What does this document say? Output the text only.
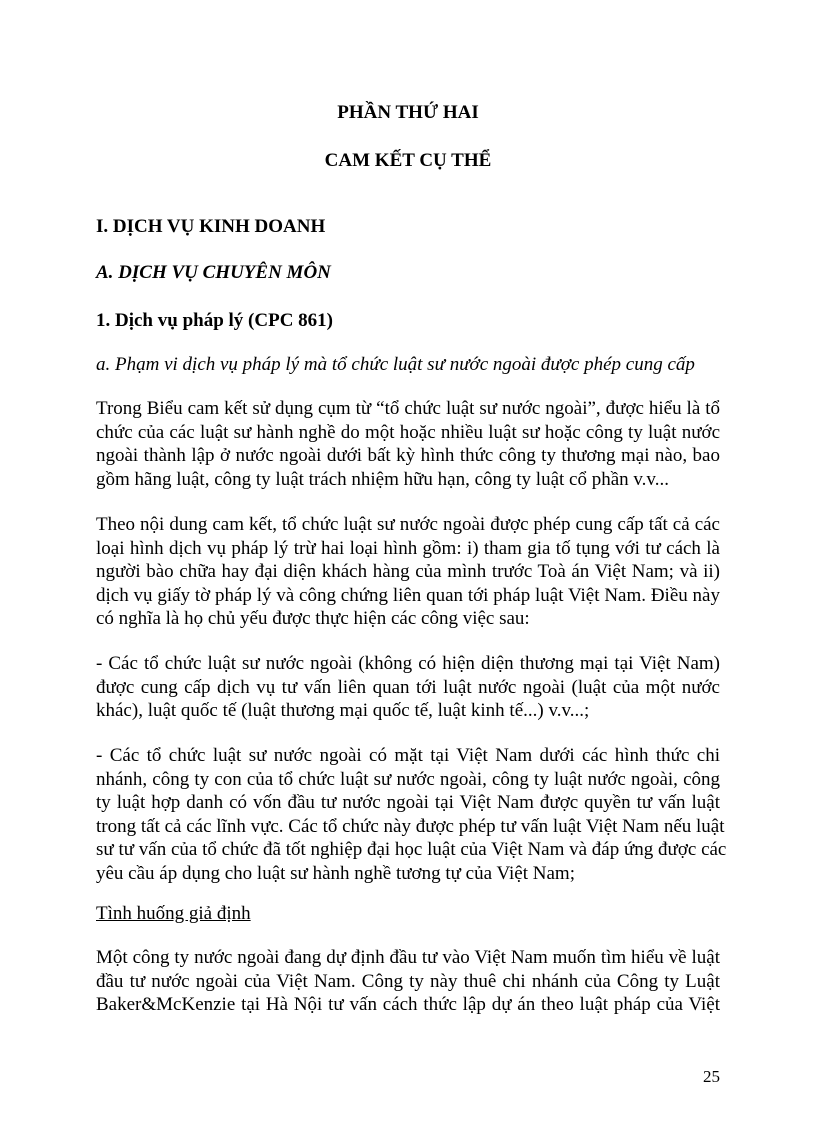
PHẦN THỨ HAI
CAM KẾT CỤ THỂ
I. DỊCH VỤ KINH DOANH
A. DỊCH VỤ CHUYÊN MÔN
1. Dịch vụ pháp lý (CPC 861)
a. Phạm vi dịch vụ pháp lý mà tổ chức luật sư nước ngoài được phép cung cấp
Trong Biểu cam kết sử dụng cụm từ “tổ chức luật sư nước ngoài”, được hiểu là tổ
chức của các luật sư hành nghề do một hoặc nhiều luật sư hoặc công ty luật nước
ngoài thành lập ở nước ngoài dưới bất kỳ hình thức công ty thương mại nào, bao
gồm hãng luật, công ty luật trách nhiệm hữu hạn, công ty luật cổ phần v.v...
Theo nội dung cam kết, tổ chức luật sư nước ngoài được phép cung cấp tất cả các
loại hình dịch vụ pháp lý trừ hai loại hình gồm: i) tham gia tố tụng với tư cách là
người bào chữa hay đại diện khách hàng của mình trước Toà án Việt Nam; và ii)
dịch vụ giấy tờ pháp lý và công chứng liên quan tới pháp luật Việt Nam. Điều này
có nghĩa là họ chủ yếu được thực hiện các công việc sau:
- Các tổ chức luật sư nước ngoài (không có hiện diện thương mại tại Việt Nam)
được cung cấp dịch vụ tư vấn liên quan tới luật nước ngoài (luật của một nước
khác), luật quốc tế (luật thương mại quốc tế, luật kinh tế...) v.v...;
- Các tổ chức luật sư nước ngoài có mặt tại Việt Nam dưới các hình thức chi
nhánh, công ty con của tổ chức luật sư nước ngoài, công ty luật nước ngoài, công
ty luật hợp danh có vốn đầu tư nước ngoài tại Việt Nam được quyền tư vấn luật
trong tất cả các lĩnh vực. Các tổ chức này được phép tư vấn luật Việt Nam nếu luật
sư tư vấn của tổ chức đã tốt nghiệp đại học luật của Việt Nam và đáp ứng được các
yêu cầu áp dụng cho luật sư hành nghề tương tự của Việt Nam;
Tình huống giả định
Một công ty nước ngoài đang dự định đầu tư vào Việt Nam muốn tìm hiểu về luật
đầu tư nước ngoài của Việt Nam. Công ty này thuê chi nhánh của Công ty Luật
Baker&McKenzie tại Hà Nội tư vấn cách thức lập dự án theo luật pháp của Việt
25
